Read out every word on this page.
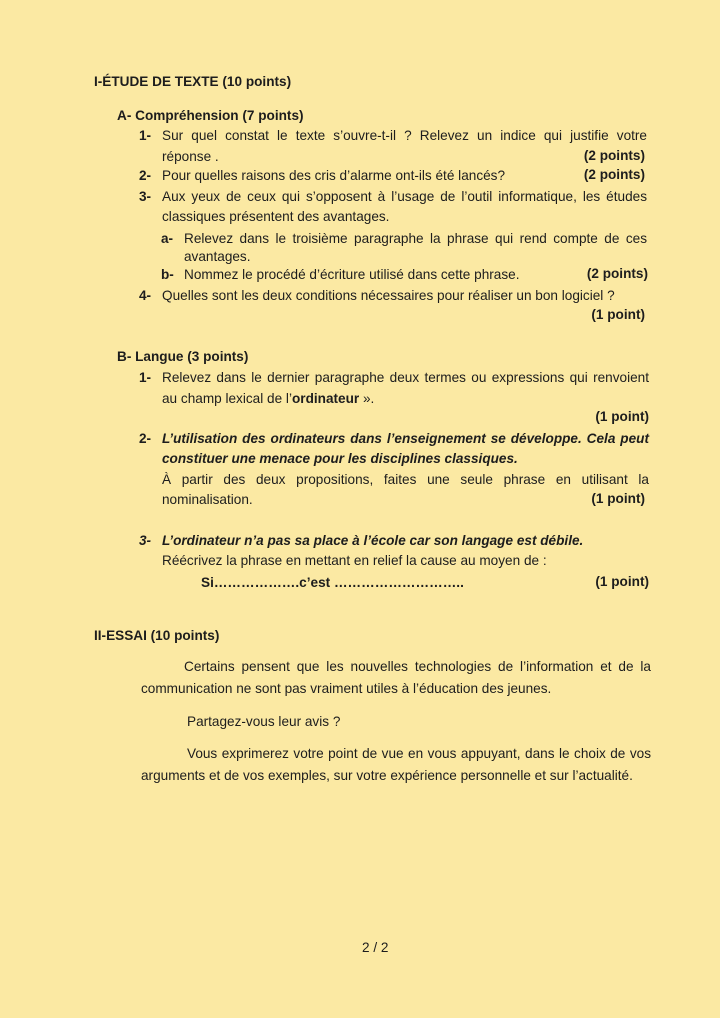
I-ÉTUDE DE TEXTE (10 points)
A- Compréhension (7 points)
1- Sur quel constat le texte s’ouvre-t-il ? Relevez un indice qui justifie votre
réponse .	(2 points)
2- Pour quelles raisons des cris d’alarme ont-ils été lancés?	(2 points)
3- Aux yeux de ceux qui s’opposent à l’usage de l’outil informatique, les études
classiques présentent des avantages.
a- Relevez dans le troisième paragraphe la phrase qui rend compte de ces
avantages.
b- Nommez le procédé d’écriture utilisé dans cette phrase.	(2 points)
4- Quelles sont les deux conditions nécessaires pour réaliser un bon logiciel ?
(1 point)
B- Langue (3 points)
1- Relevez dans le dernier paragraphe deux termes ou expressions qui renvoient
au champ lexical de l’ordinateur ».
(1 point)
2- L’utilisation des ordinateurs dans l’enseignement se développe. Cela peut
constituer une menace pour les disciplines classiques.
À partir des deux propositions, faites une seule phrase en utilisant la
nominalisation.	(1 point)
3- L’ordinateur n’a pas sa place à l’école car son langage est débile.
Réécrivez la phrase en mettant en relief la cause au moyen de :
Si……………….c’est ………………………..	(1 point)
II-ESSAI (10 points)
Certains pensent que les nouvelles technologies de l’information et de la
communication ne sont pas vraiment utiles à l’éducation des jeunes.
Partagez-vous leur avis ?
Vous exprimerez votre point de vue en vous appuyant, dans le choix de vos
arguments et de vos exemples, sur votre expérience personnelle et sur l’actualité.
2 / 2
